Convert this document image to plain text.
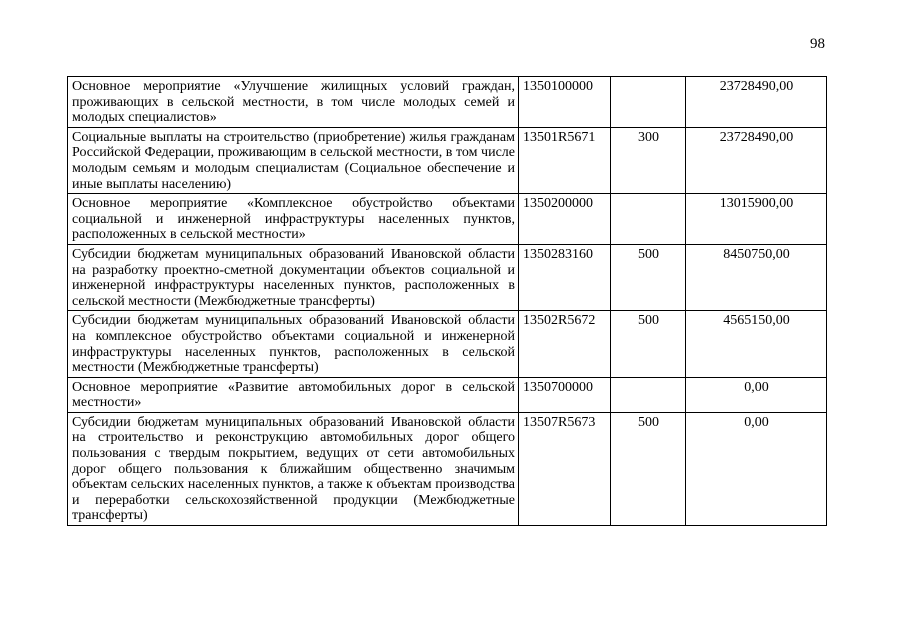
98
Основное мероприятие «Улучшение жилищных условий граждан, проживающих в сельской местности, в том числе молодых семей и молодых специалистов»	1350100000		23728490,00
Социальные выплаты на строительство (приобретение) жилья гражданам Российской Федерации, проживающим в сельской местности, в том числе молодым семьям и молодым специалистам (Социальное обеспечение и иные выплаты населению)	13501R5671	300	23728490,00
Основное мероприятие «Комплексное обустройство объектами социальной и инженерной инфраструктуры населенных пунктов, расположенных в сельской местности»	1350200000		13015900,00
Субсидии бюджетам муниципальных образований Ивановской области на разработку проектно-сметной документации объектов социальной и инженерной инфраструктуры населенных пунктов, расположенных в сельской местности (Межбюджетные трансферты)	1350283160	500	8450750,00
Субсидии бюджетам муниципальных образований Ивановской области на комплексное обустройство объектами социальной и инженерной инфраструктуры населенных пунктов, расположенных в сельской местности (Межбюджетные трансферты)	13502R5672	500	4565150,00
Основное мероприятие «Развитие автомобильных дорог в сельской местности»	1350700000		0,00
Субсидии бюджетам муниципальных образований Ивановской области на строительство и реконструкцию автомобильных дорог общего пользования с твердым покрытием, ведущих от сети автомобильных дорог общего пользования к ближайшим общественно значимым объектам сельских населенных пунктов, а также к объектам производства и переработки сельскохозяйственной продукции (Межбюджетные трансферты)	13507R5673	500	0,00
